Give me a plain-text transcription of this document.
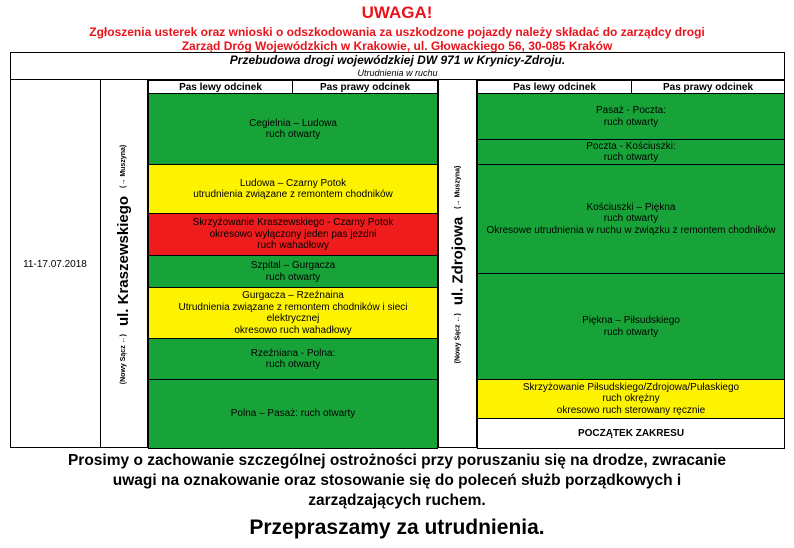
UWAGA!
Zgłoszenia usterek oraz wnioski o odszkodowania za uszkodzone pojazdy należy składać do zarządcy drogi
Zarząd Dróg Wojewódzkich w Krakowie, ul. Głowackiego 56, 30-085 Kraków
Przebudowa drogi wojewódzkiej DW 971 w Krynicy-Zdroju.
Utrudnienia w ruchu
11-17.07.2018
(Nowy Sącz ←)
ul. Kraszewskiego
(→ Muszyna)
Pas lewy odcinek	Pas prawy odcinek
Cegielnia – Ludowa
ruch otwarty
Ludowa – Czarny Potok
utrudnienia związane z remontem chodników
Skrzyżowanie Kraszewskiego - Czarny Potok
okresowo wyłączony jeden pas jezdni
ruch wahadłowy
Szpital – Gurgacza
ruch otwarty
Gurgacza – Rzeźnaina
Utrudnienia związane z remontem chodników i sieci elektrycznej
okresowo ruch wahadłowy
Rzeźniana - Polna:
ruch otwarty
Polna – Pasaż: ruch otwarty
(Nowy Sącz ←)
ul. Zdrojowa
(→ Muszyna)
Pas lewy odcinek	Pas prawy odcinek
Pasaż - Poczta:
ruch otwarty
Poczta - Kościuszki:
ruch otwarty
Kościuszki – Piękna
ruch otwarty
Okresowe utrudnienia w ruchu w związku z remontem chodników
Piękna – Piłsudskiego
ruch otwarty
Skrzyżowanie Piłsudskiego/Zdrojowa/Pułaskiego
ruch okrężny
okresowo ruch sterowany ręcznie
POCZĄTEK ZAKRESU
Prosimy o zachowanie szczególnej ostrożności przy poruszaniu się na drodze, zwracanie
uwagi na oznakowanie oraz stosowanie się do poleceń służb porządkowych i
zarządzających ruchem.
Przepraszamy za utrudnienia.
